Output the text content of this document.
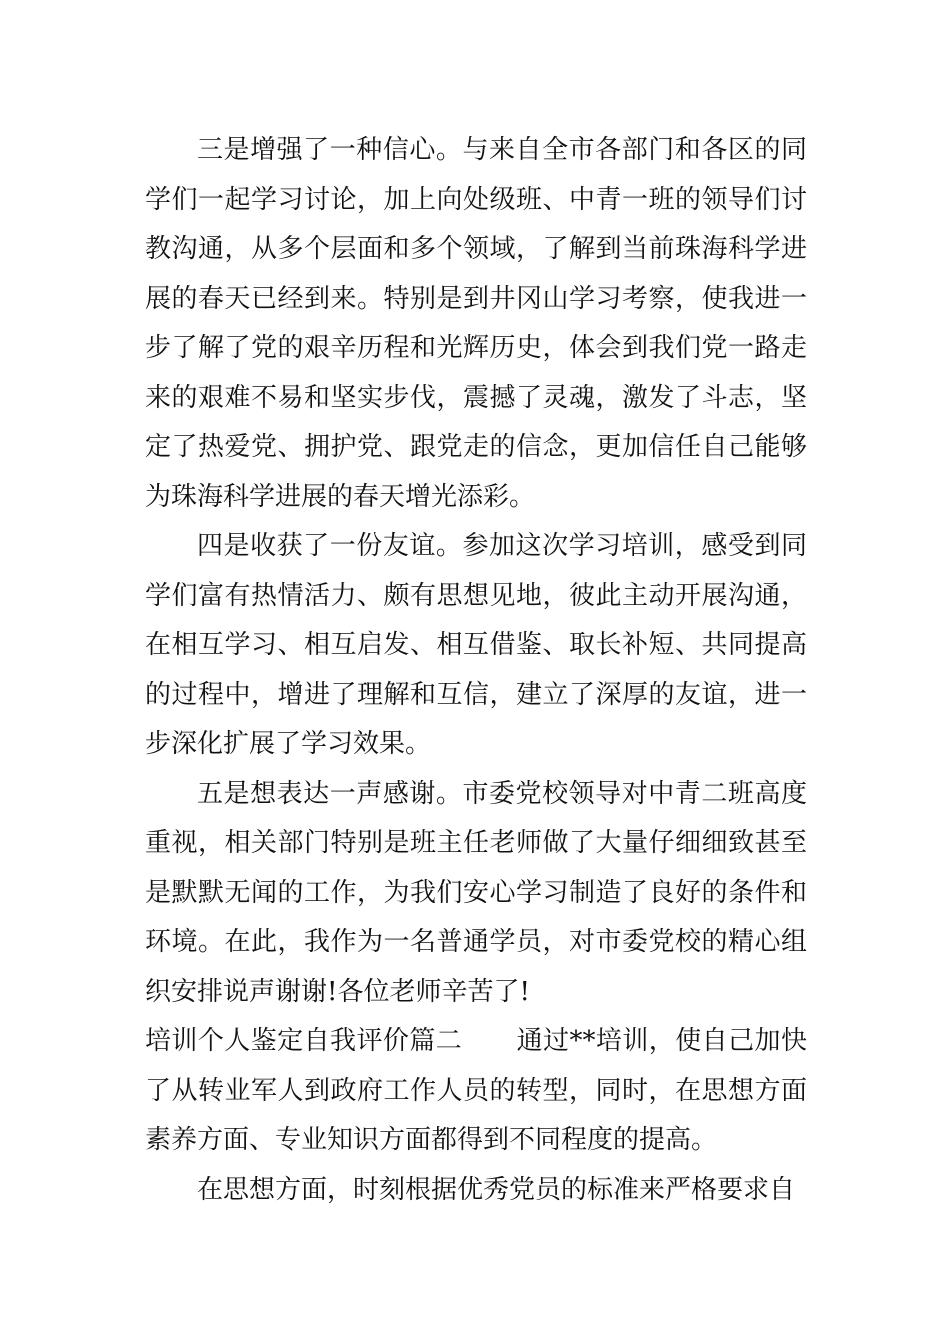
三是增强了一种信心。与来自全市各部门和各区的同学们一起学习讨论，加上向处级班、中青一班的领导们讨教沟通，从多个层面和多个领域，了解到当前珠海科学进展的春天已经到来。特别是到井冈山学习考察，使我进一步了解了党的艰辛历程和光辉历史，体会到我们党一路走来的艰难不易和坚实步伐，震撼了灵魂，激发了斗志，坚定了热爱党、拥护党、跟党走的信念，更加信任自己能够为珠海科学进展的春天增光添彩。

四是收获了一份友谊。参加这次学习培训，感受到同学们富有热情活力、颇有思想见地，彼此主动开展沟通，在相互学习、相互启发、相互借鉴、取长补短、共同提高的过程中，增进了理解和互信，建立了深厚的友谊，进一步深化扩展了学习效果。

五是想表达一声感谢。市委党校领导对中青二班高度重视，相关部门特别是班主任老师做了大量仔细细致甚至是默默无闻的工作，为我们安心学习制造了良好的条件和环境。在此，我作为一名普通学员，对市委党校的精心组织安排说声谢谢!各位老师辛苦了!

培训个人鉴定自我评价篇二 通过**培训，使自己加快了从转业军人到政府工作人员的转型，同时，在思想方面素养方面、专业知识方面都得到不同程度的提高。

在思想方面，时刻根据优秀党员的标准来严格要求自
